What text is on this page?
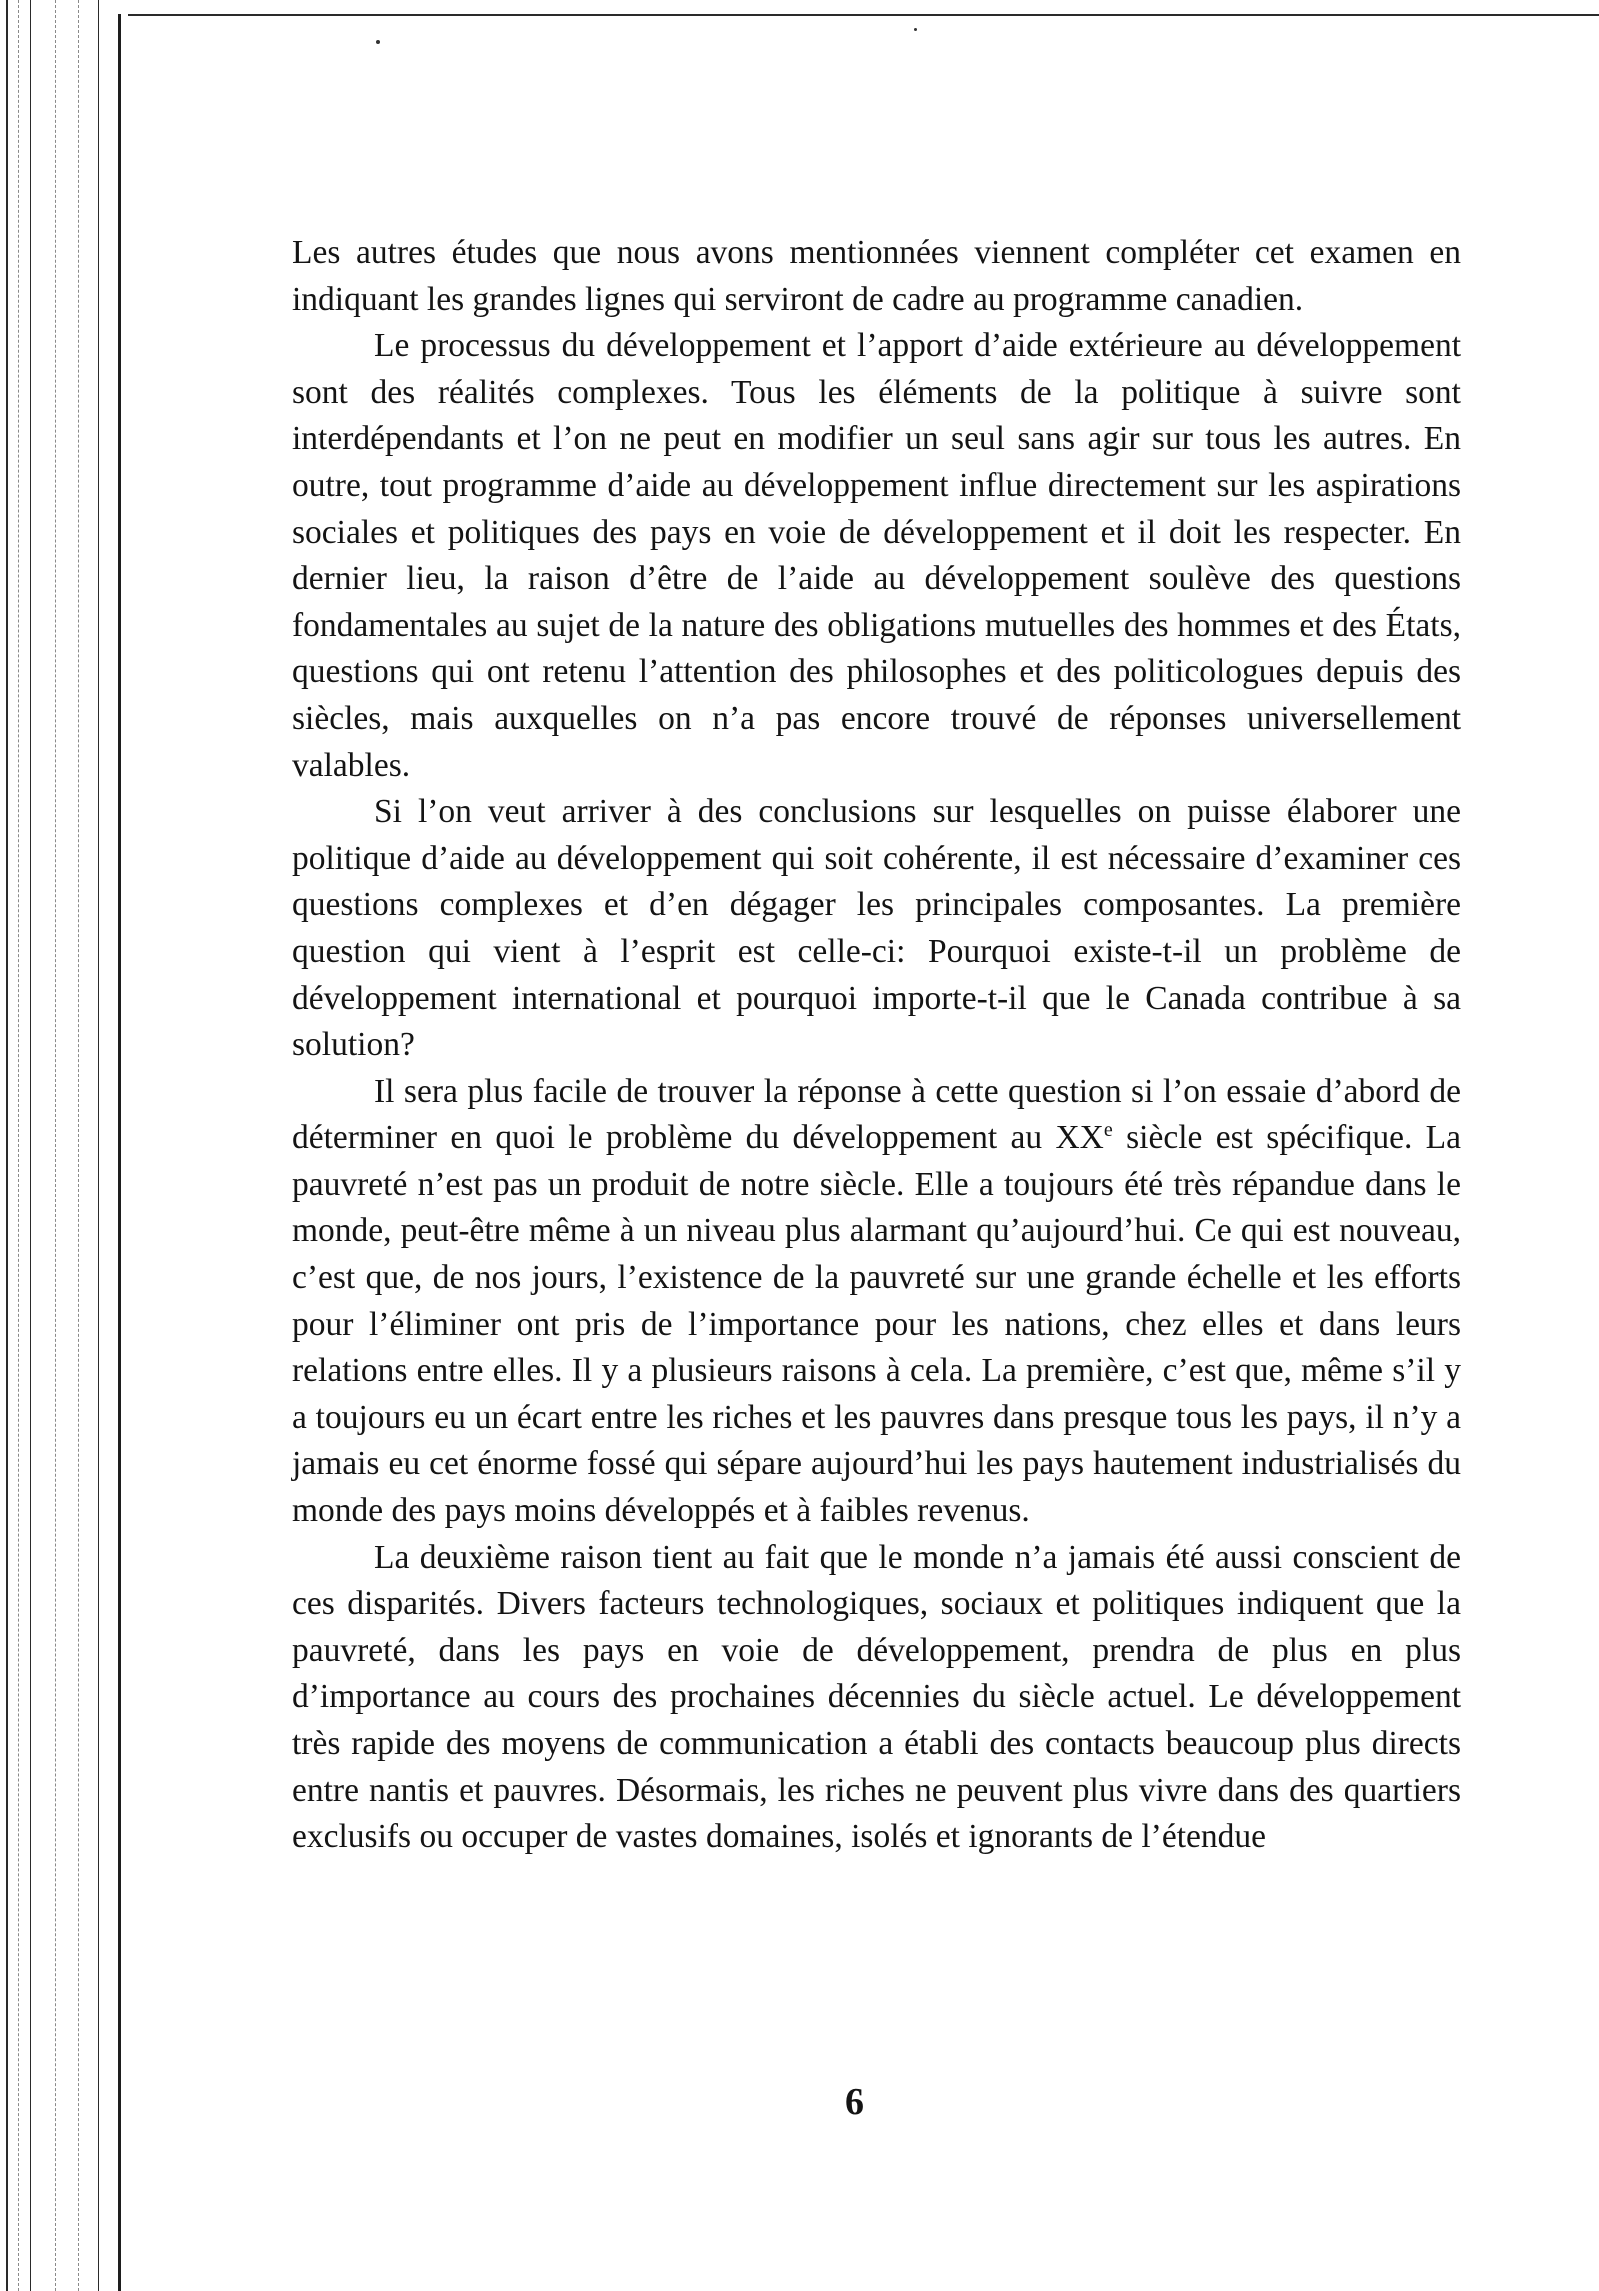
Les autres études que nous avons mentionnées viennent compléter cet examen en indiquant les grandes lignes qui serviront de cadre au programme canadien.

Le processus du développement et l’apport d’aide extérieure au développement sont des réalités complexes. Tous les éléments de la politique à suivre sont interdépendants et l’on ne peut en modifier un seul sans agir sur tous les autres. En outre, tout programme d’aide au développement influe directement sur les aspirations sociales et politiques des pays en voie de développement et il doit les respecter. En dernier lieu, la raison d’être de l’aide au développement soulève des questions fondamentales au sujet de la nature des obligations mutuelles des hommes et des États, questions qui ont retenu l’attention des philosophes et des politicologues depuis des siècles, mais auxquelles on n’a pas encore trouvé de réponses universellement valables.

Si l’on veut arriver à des conclusions sur lesquelles on puisse élaborer une politique d’aide au développement qui soit cohérente, il est nécessaire d’examiner ces questions complexes et d’en dégager les principales composantes. La première question qui vient à l’esprit est celle-ci: Pourquoi existe-t-il un problème de développement international et pourquoi importe-t-il que le Canada contribue à sa solution?

Il sera plus facile de trouver la réponse à cette question si l’on essaie d’abord de déterminer en quoi le problème du développement au XXe siècle est spécifique. La pauvreté n’est pas un produit de notre siècle. Elle a toujours été très répandue dans le monde, peut-être même à un niveau plus alarmant qu’aujourd’hui. Ce qui est nouveau, c’est que, de nos jours, l’existence de la pauvreté sur une grande échelle et les efforts pour l’éliminer ont pris de l’importance pour les nations, chez elles et dans leurs relations entre elles. Il y a plusieurs raisons à cela. La première, c’est que, même s’il y a toujours eu un écart entre les riches et les pauvres dans presque tous les pays, il n’y a jamais eu cet énorme fossé qui sépare aujourd’hui les pays hautement industrialisés du monde des pays moins développés et à faibles revenus.

La deuxième raison tient au fait que le monde n’a jamais été aussi conscient de ces disparités. Divers facteurs technologiques, sociaux et politiques indiquent que la pauvreté, dans les pays en voie de développement, prendra de plus en plus d’importance au cours des prochaines décennies du siècle actuel. Le développement très rapide des moyens de communication a établi des contacts beaucoup plus directs entre nantis et pauvres. Désormais, les riches ne peuvent plus vivre dans des quartiers exclusifs ou occuper de vastes domaines, isolés et ignorants de l’étendue

6
